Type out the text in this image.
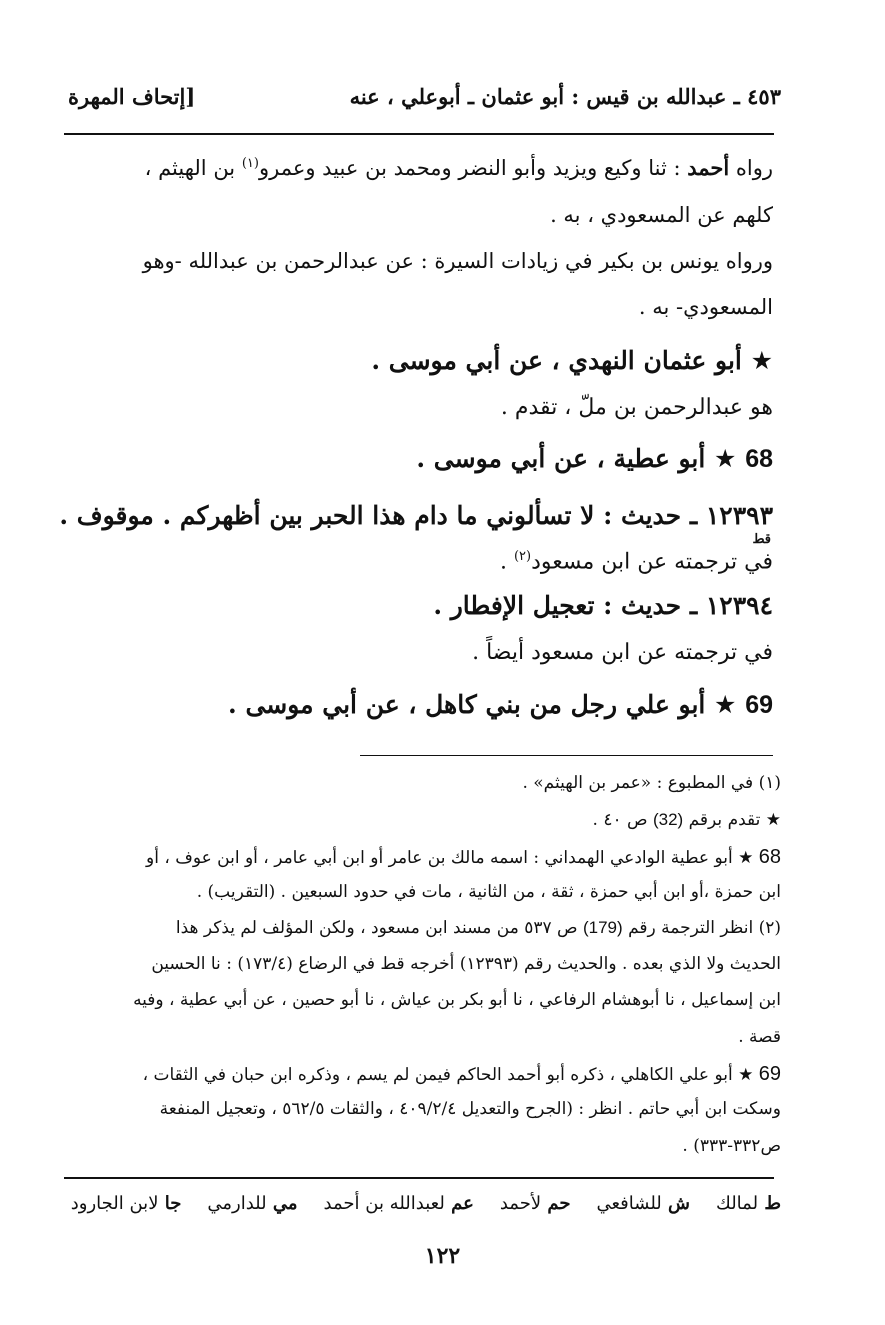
٤٥٣ ـ عبدالله بن قيس : أبو عثمان ـ أبوعلي ، عنه
[إتحاف المهرة
رواه أحمد : ثنا وكيع ويزيد وأبو النضر ومحمد بن عبيد وعمرو$^{(١)}$ بن الهيثم ،
كلهم عن المسعودي ، به .
ورواه يونس بن بكير في زيادات السيرة : عن عبدالرحمن بن عبدالله -وهو
المسعودي- به .
★ أبو عثمان النهدي ، عن أبي موسى .
هو عبدالرحمن بن ملّ ، تقدم .
68 ★ أبو عطية ، عن أبي موسى .
١٢٣٩٣ ـ حديث : لا تسألوني ما دام هذا الحبر بين أظهركم . موقوف .
قط
في ترجمته عن ابن مسعود$^{(٢)}$ .
١٢٣٩٤ ـ حديث : تعجيل الإفطار .
في ترجمته عن ابن مسعود أيضاً .
69 ★ أبو علي رجل من بني كاهل ، عن أبي موسى .
(١) في المطبوع : «عمر بن الهيثم» .
★ تقدم برقم (32) ص ٤٠ .
68 ★ أبو عطية الوادعي الهمداني : اسمه مالك بن عامر أو ابن أبي عامر ، أو ابن عوف ، أو
ابن حمزة ،أو ابن أبي حمزة ، ثقة ، من الثانية ، مات في حدود السبعين . (التقريب) .
(٢) انظر الترجمة رقم (179) ص ٥٣٧ من مسند ابن مسعود ، ولكن المؤلف لم يذكر هذا
الحديث ولا الذي بعده . والحديث رقم (١٢٣٩٣) أخرجه قط في الرضاع (١٧٣/٤) : نا الحسين
ابن إسماعيل ، نا أبوهشام الرفاعي ، نا أبو بكر بن عياش ، نا أبو حصين ، عن أبي عطية ، وفيه
قصة .
69 ★ أبو علي الكاهلي ، ذكره أبو أحمد الحاكم فيمن لم يسم ، وذكره ابن حبان في الثقات ،
وسكت ابن أبي حاتم . انظر : (الجرح والتعديل ٤٠٩/٢/٤ ، والثقات ٥٦٢/٥ ، وتعجيل المنفعة
ص٣٣٢-٣٣٣) .
ط لمالك
ش للشافعي
حم لأحمد
عم لعبدالله بن أحمد
مي للدارمي
جا لابن الجارود
١٢٢
